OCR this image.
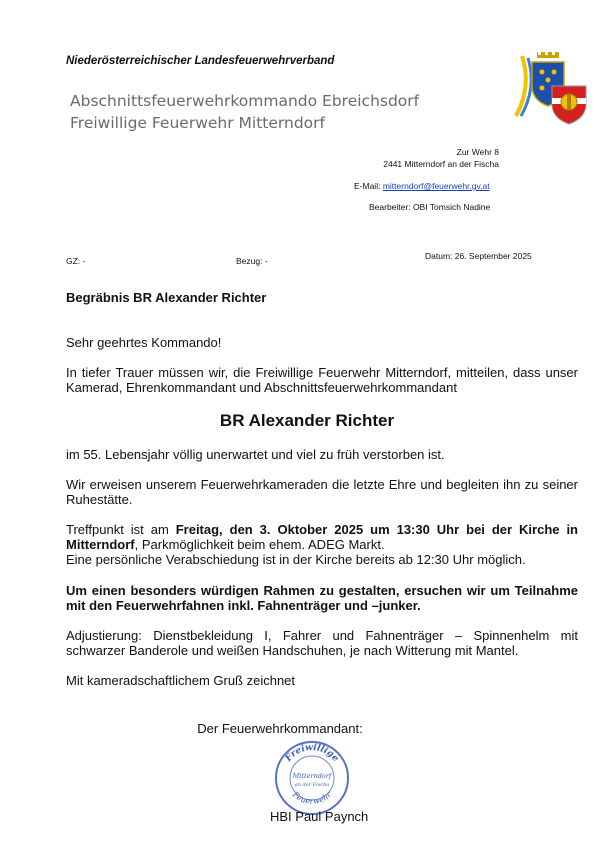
Niederösterreichischer Landesfeuerwehrverband
Abschnittsfeuerwehrkommando Ebreichsdorf
Freiwillige Feuerwehr Mitterndorf
Zur Wehr 8
2441 Mitterndorf an der Fischa
E-Mail: mitterndorf@feuerwehr.gv.at
Bearbeiter: OBI Tomsich Nadine
GZ: -	Bezug: -	Datum: 26. September 2025
Begräbnis BR Alexander Richter
Sehr geehrtes Kommando!
In tiefer Trauer müssen wir, die Freiwillige Feuerwehr Mitterndorf, mitteilen, dass unser Kamerad, Ehrenkommandant und Abschnittsfeuerwehrkommandant
BR Alexander Richter
im 55. Lebensjahr völlig unerwartet und viel zu früh verstorben ist.
Wir erweisen unserem Feuerwehrkameraden die letzte Ehre und begleiten ihn zu seiner Ruhestätte.
Treffpunkt ist am Freitag, den 3. Oktober 2025 um 13:30 Uhr bei der Kirche in Mitterndorf, Parkmöglichkeit beim ehem. ADEG Markt.
Eine persönliche Verabschiedung ist in der Kirche bereits ab 12:30 Uhr möglich.
Um einen besonders würdigen Rahmen zu gestalten, ersuchen wir um Teilnahme mit den Feuerwehrfahnen inkl. Fahnenträger und –junker.
Adjustierung: Dienstbekleidung I, Fahrer und Fahnenträger – Spinnenhelm mit schwarzer Banderole und weißen Handschuhen, je nach Witterung mit Mantel.
Mit kameradschaftlichem Gruß zeichnet
Der Feuerwehrkommandant:
Freiwillige
Feuerwehr
Mitterndorf
an der Fischa
HBI Paul Paynch
